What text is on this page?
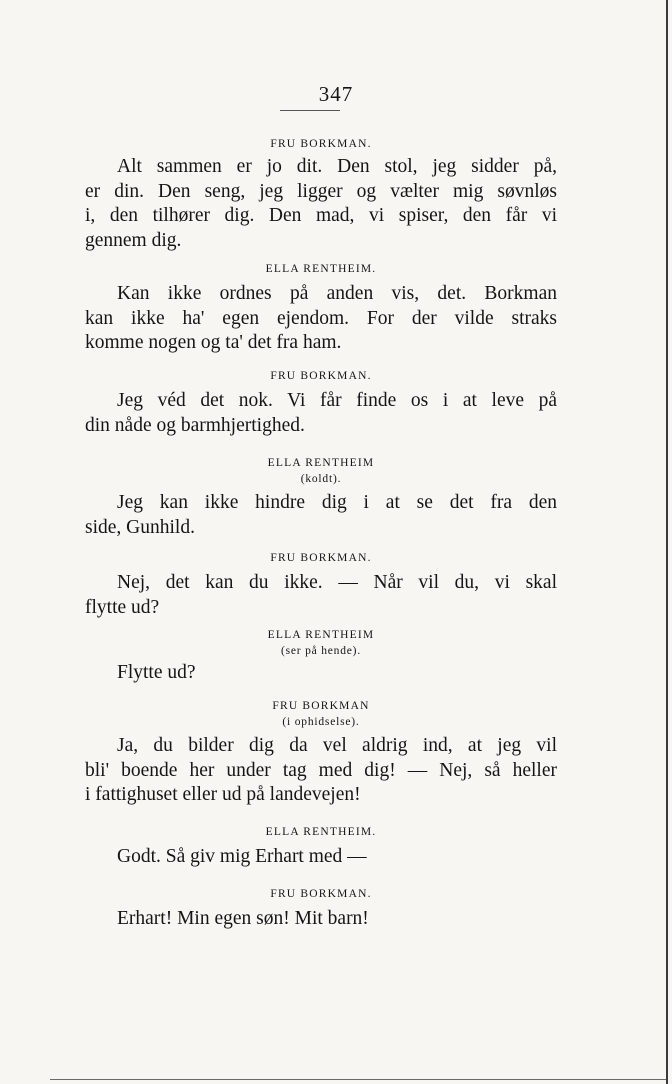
347
FRU BORKMAN.
Alt sammen er jo dit. Den stol, jeg sidder på,
er din. Den seng, jeg ligger og vælter mig søvnløs
i, den tilhører dig. Den mad, vi spiser, den får vi
gennem dig.
ELLA RENTHEIM.
Kan ikke ordnes på anden vis, det. Borkman
kan ikke ha' egen ejendom. For der vilde straks
komme nogen og ta' det fra ham.
FRU BORKMAN.
Jeg véd det nok. Vi får finde os i at leve på
din nåde og barmhjertighed.
ELLA RENTHEIM
(koldt).
Jeg kan ikke hindre dig i at se det fra den
side, Gunhild.
FRU BORKMAN.
Nej, det kan du ikke. — Når vil du, vi skal
flytte ud?
ELLA RENTHEIM
(ser på hende).
Flytte ud?
FRU BORKMAN
(i ophidselse).
Ja, du bilder dig da vel aldrig ind, at jeg vil
bli' boende her under tag med dig! — Nej, så heller
i fattighuset eller ud på landevejen!
ELLA RENTHEIM.
Godt. Så giv mig Erhart med —
FRU BORKMAN.
Erhart! Min egen søn! Mit barn!
